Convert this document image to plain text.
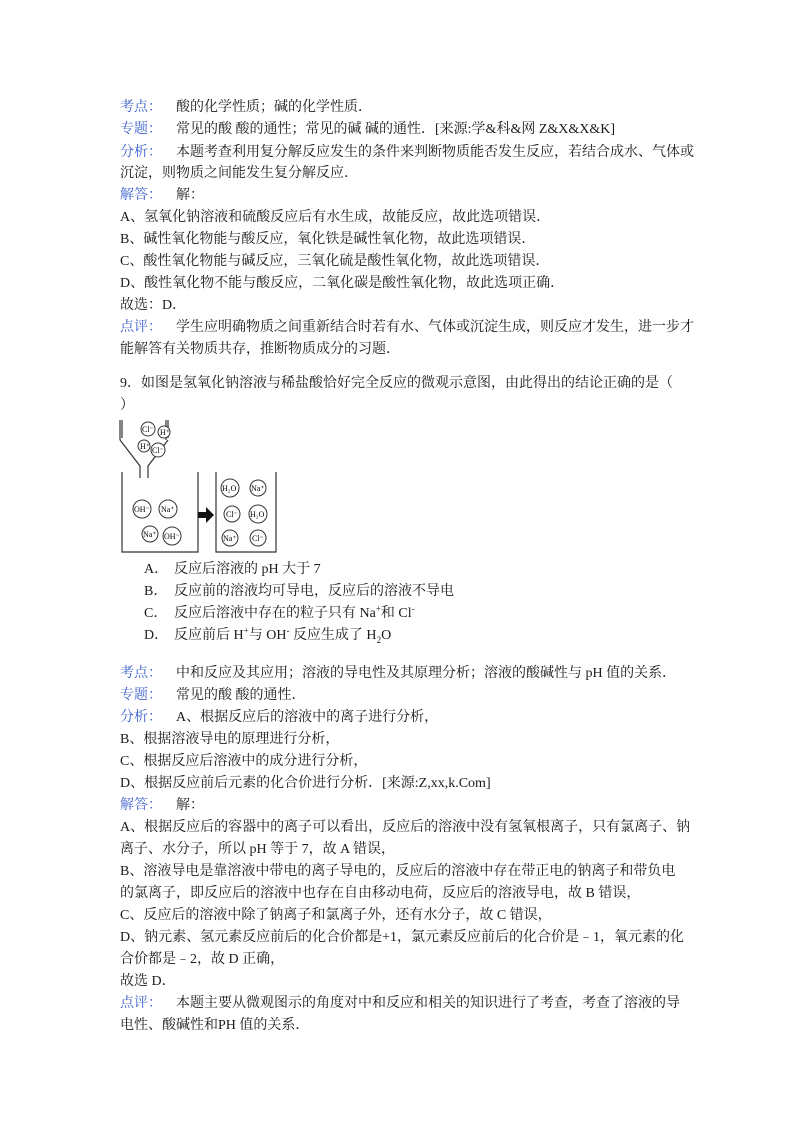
考点： 酸的化学性质；碱的化学性质．
专题： 常见的酸 酸的通性；常见的碱 碱的通性．[来源:学&科&网 Z&X&X&K]
分析： 本题考查利用复分解反应发生的条件来判断物质能否发生反应，若结合成水、气体或
沉淀，则物质之间能发生复分解反应．
解答： 解：
A、氢氧化钠溶液和硫酸反应后有水生成，故能反应，故此选项错误．
B、碱性氧化物能与酸反应，氧化铁是碱性氧化物，故此选项错误．
C、酸性氧化物能与碱反应，三氧化硫是酸性氧化物，故此选项错误．
D、酸性氧化物不能与酸反应，二氧化碳是酸性氧化物，故此选项正确．
故选：D．
点评： 学生应明确物质之间重新结合时若有水、气体或沉淀生成，则反应才发生，进一步才
能解答有关物质共存，推断物质成分的习题．
9．如图是氢氧化钠溶液与稀盐酸恰好完全反应的微观示意图，由此得出的结论正确的是（
）
Cl⁻ H⁺
H⁺ Cl⁻
OH⁻ Na⁺
Na⁺ OH⁻
H₂O Na⁺
Cl⁻ H₂O
Na⁺ Cl⁻
A． 反应后溶液的 pH 大于 7
B． 反应前的溶液均可导电，反应后的溶液不导电
C． 反应后溶液中存在的粒子只有 Na+和 Cl-
D． 反应前后 H+与 OH- 反应生成了 $H_2O$
考点： 中和反应及其应用；溶液的导电性及其原理分析；溶液的酸碱性与 pH 值的关系．
专题： 常见的酸 酸的通性．
分析： A、根据反应后的溶液中的离子进行分析，
B、根据溶液导电的原理进行分析，
C、根据反应后溶液中的成分进行分析，
D、根据反应前后元素的化合价进行分析．[来源:Z,xx,k.Com]
解答： 解：
A、根据反应后的容器中的离子可以看出，反应后的溶液中没有氢氧根离子，只有氯离子、钠
离子、水分子，所以 pH 等于 7，故 A 错误，
B、溶液导电是靠溶液中带电的离子导电的，反应后的溶液中存在带正电的钠离子和带负电
的氯离子，即反应后的溶液中也存在自由移动电荷，反应后的溶液导电，故 B 错误，
C、反应后的溶液中除了钠离子和氯离子外，还有水分子，故 C 错误，
D、钠元素、氢元素反应前后的化合价都是+1，氯元素反应前后的化合价是﹣1，氧元素的化
合价都是﹣2，故 D 正确，
故选 D．
点评： 本题主要从微观图示的角度对中和反应和相关的知识进行了考查，考查了溶液的导
电性、酸碱性和PH 值的关系．
